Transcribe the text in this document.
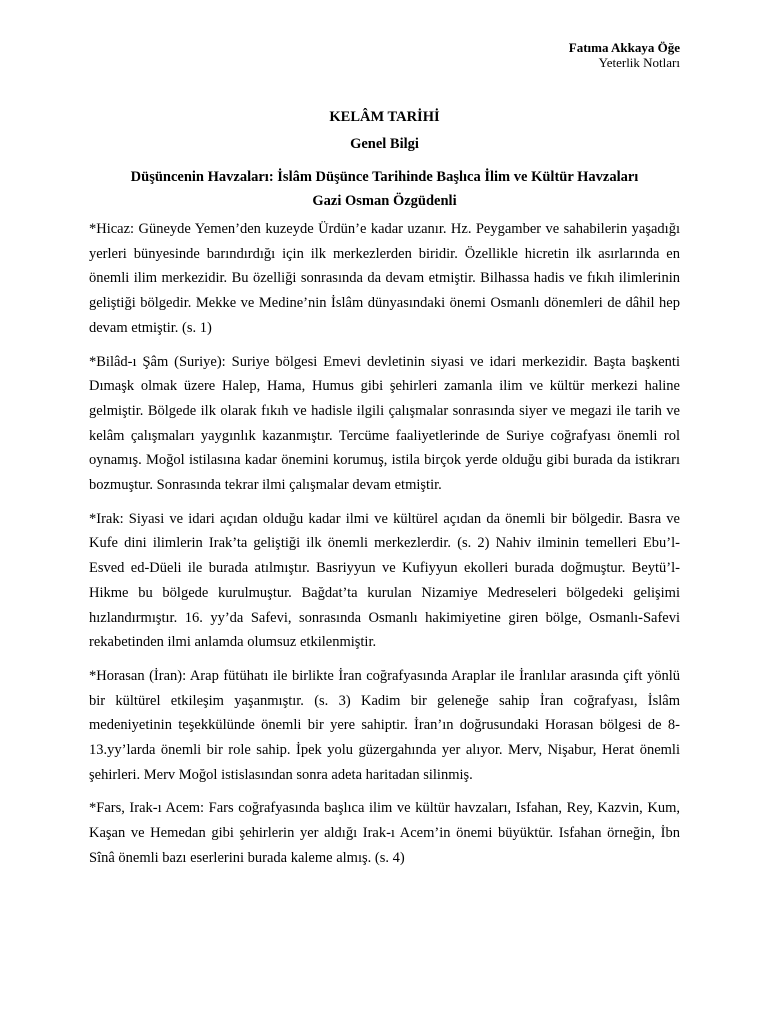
Fatıma Akkaya Öğe
Yeterlik Notları
KELÂM TARİHİ
Genel Bilgi
Düşüncenin Havzaları: İslâm Düşünce Tarihinde Başlıca İlim ve Kültür Havzaları
Gazi Osman Özgüdenli

*Hicaz: Güneyde Yemen’den kuzeyde Ürdün’e kadar uzanır. Hz. Peygamber ve sahabilerin yaşadığı yerleri bünyesinde barındırdığı için ilk merkezlerden biridir. Özellikle hicretin ilk asırlarında en önemli ilim merkezidir. Bu özelliği sonrasında da devam etmiştir. Bilhassa hadis ve fıkıh ilimlerinin geliştiği bölgedir. Mekke ve Medine’nin İslâm dünyasındaki önemi Osmanlı dönemleri de dâhil hep devam etmiştir. (s. 1)

*Bilâd-ı Şâm (Suriye): Suriye bölgesi Emevi devletinin siyasi ve idari merkezidir. Başta başkenti Dımaşk olmak üzere Halep, Hama, Humus gibi şehirleri zamanla ilim ve kültür merkezi haline gelmiştir. Bölgede ilk olarak fıkıh ve hadisle ilgili çalışmalar sonrasında siyer ve megazi ile tarih ve kelâm çalışmaları yaygınlık kazanmıştır. Tercüme faaliyetlerinde de Suriye coğrafyası önemli rol oynamış. Moğol istilasına kadar önemini korumuş, istila birçok yerde olduğu gibi burada da istikrarı bozmuştur. Sonrasında tekrar ilmi çalışmalar devam etmiştir.

*Irak: Siyasi ve idari açıdan olduğu kadar ilmi ve kültürel açıdan da önemli bir bölgedir. Basra ve Kufe dini ilimlerin Irak’ta geliştiği ilk önemli merkezlerdir. (s. 2) Nahiv ilminin temelleri Ebu’l-Esved ed-Düeli ile burada atılmıştır. Basriyyun ve Kufiyyun ekolleri burada doğmuştur. Beytü’l-Hikme bu bölgede kurulmuştur. Bağdat’ta kurulan Nizamiye Medreseleri bölgedeki gelişimi hızlandırmıştır. 16. yy’da Safevi, sonrasında Osmanlı hakimiyetine giren bölge, Osmanlı-Safevi rekabetinden ilmi anlamda olumsuz etkilenmiştir.

*Horasan (İran): Arap fütühatı ile birlikte İran coğrafyasında Araplar ile İranlılar arasında çift yönlü bir kültürel etkileşim yaşanmıştır. (s. 3) Kadim bir geleneğe sahip İran coğrafyası, İslâm medeniyetinin teşekkülünde önemli bir yere sahiptir. İran’ın doğrusundaki Horasan bölgesi de 8-13.yy’larda önemli bir role sahip. İpek yolu güzergahında yer alıyor. Merv, Nişabur, Herat önemli şehirleri. Merv Moğol istislasından sonra adeta haritadan silinmiş.

*Fars, Irak-ı Acem: Fars coğrafyasında başlıca ilim ve kültür havzaları, Isfahan, Rey, Kazvin, Kum, Kaşan ve Hemedan gibi şehirlerin yer aldığı Irak-ı Acem’in önemi büyüktür. Isfahan örneğin, İbn Sînâ önemli bazı eserlerini burada kaleme almış. (s. 4)
